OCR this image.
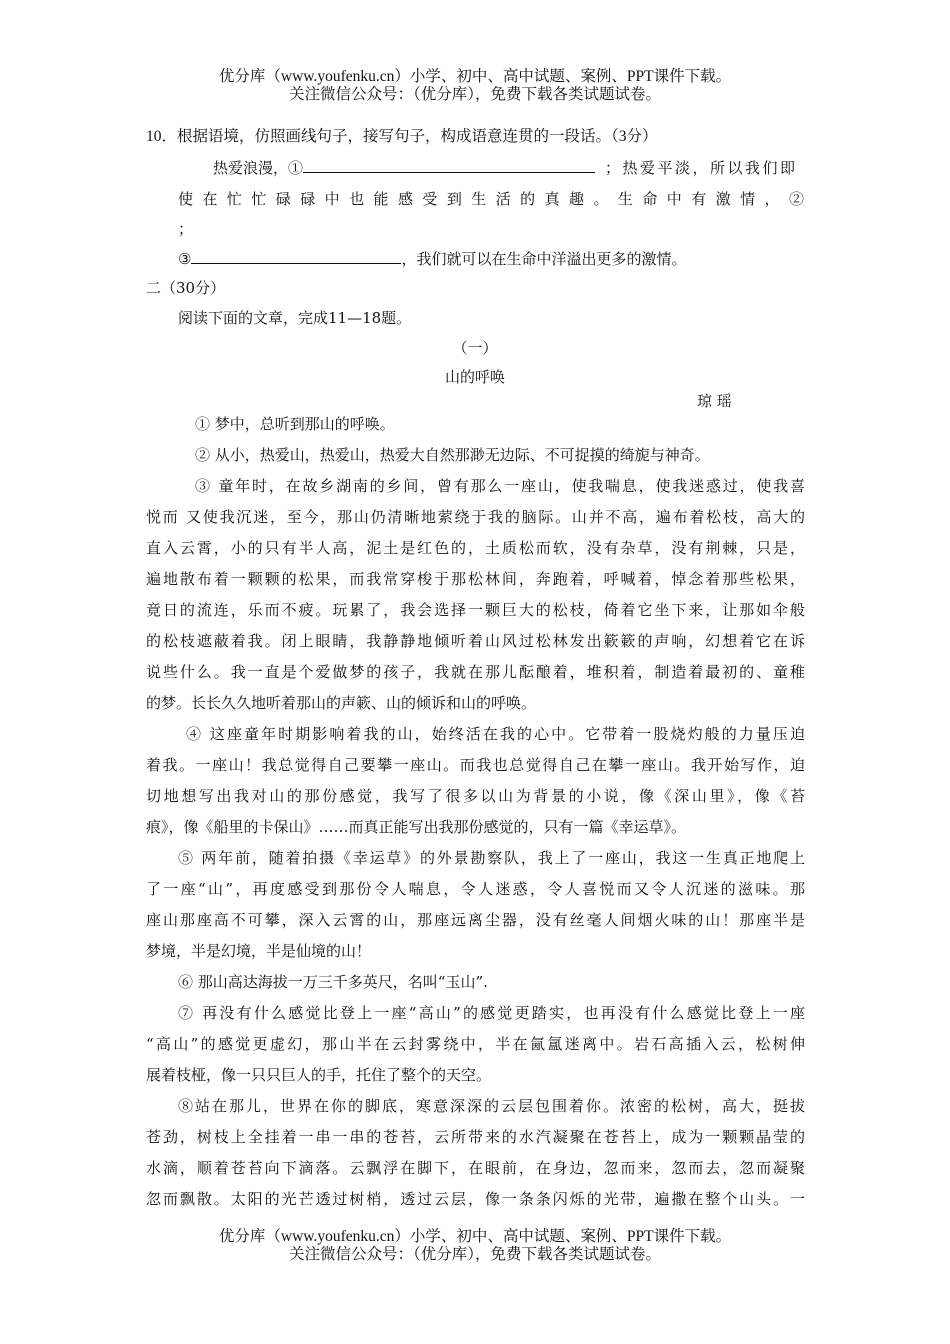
优分库（www.youfenku.cn）小学、初中、高中试题、案例、PPT课件下载。
关注微信公众号：（优分库），免费下载各类试题试卷。
10．根据语境，仿照画线句子，接写句子，构成语意连贯的一段话。（3分）
热爱浪漫，①	；热爱平淡，所以我们即
使在忙忙碌碌中也能感受到生活的真趣。生命中有激情，②
；
③	，我们就可以在生命中洋溢出更多的激情。
二（30分）
阅读下面的文章，完成11—18题。
（一）
山的呼唤
琼 瑶
① 梦中，总听到那山的呼唤。
② 从小，热爱山，热爱山，热爱大自然那渺无边际、不可捉摸的绮旎与神奇。
③ 童年时，在故乡湖南的乡间，曾有那么一座山，使我喘息，使我迷惑过，使我喜
悦而 又使我沉迷，至今，那山仍清晰地萦绕于我的脑际。山并不高，遍布着松枝，高大的
直入云霄，小的只有半人高，泥土是红色的，土质松而软，没有杂草，没有荆棘，只是，
遍地散布着一颗颗的松果，而我常穿梭于那松林间，奔跑着，呼喊着，悼念着那些松果，
竟日的流连，乐而不疲。玩累了，我会选择一颗巨大的松枝，倚着它坐下来，让那如伞般
的松枝遮蔽着我。闭上眼睛，我静静地倾听着山风过松林发出簌簌的声响，幻想着它在诉
说些什么。我一直是个爱做梦的孩子，我就在那儿酝酿着，堆积着，制造着最初的、童稚
的梦。长长久久地听着那山的声簌、山的倾诉和山的呼唤。
④ 这座童年时期影响着我的山，始终活在我的心中。它带着一股烧灼般的力量压迫
着我。一座山！我总觉得自己要攀一座山。而我也总觉得自己在攀一座山。我开始写作，迫
切地想写出我对山的那份感觉，我写了很多以山为背景的小说，像《深山里》，像《苔
痕》，像《船里的卡保山》……而真正能写出我那份感觉的，只有一篇《幸运草》。
⑤ 两年前，随着拍摄《幸运草》的外景勘察队，我上了一座山，我这一生真正地爬上
了一座“山”，再度感受到那份令人喘息，令人迷惑，令人喜悦而又令人沉迷的滋味。那
座山那座高不可攀，深入云霄的山，那座远离尘器，没有丝毫人间烟火味的山！那座半是
梦境，半是幻境，半是仙境的山！
⑥ 那山高达海拔一万三千多英尺，名叫“玉山”.
⑦ 再没有什么感觉比登上一座“高山”的感觉更踏实，也再没有什么感觉比登上一座
“高山”的感觉更虚幻，那山半在云封雾绕中，半在氤氲迷离中。岩石高插入云，松树伸
展着枝桠，像一只只巨人的手，托住了整个的天空。
⑧站在那儿，世界在你的脚底，寒意深深的云层包围着你。浓密的松树，高大，挺拔
苍劲，树枝上全挂着一串一串的苍苔，云所带来的水汽凝聚在苍苔上，成为一颗颗晶莹的
水滴，顺着苍苔向下滴落。云飘浮在脚下，在眼前，在身边，忽而来，忽而去，忽而凝聚
忽而飘散。太阳的光芒透过树梢，透过云层，像一条条闪烁的光带，遍撒在整个山头。一
优分库（www.youfenku.cn）小学、初中、高中试题、案例、PPT课件下载。
关注微信公众号：（优分库），免费下载各类试题试卷。
